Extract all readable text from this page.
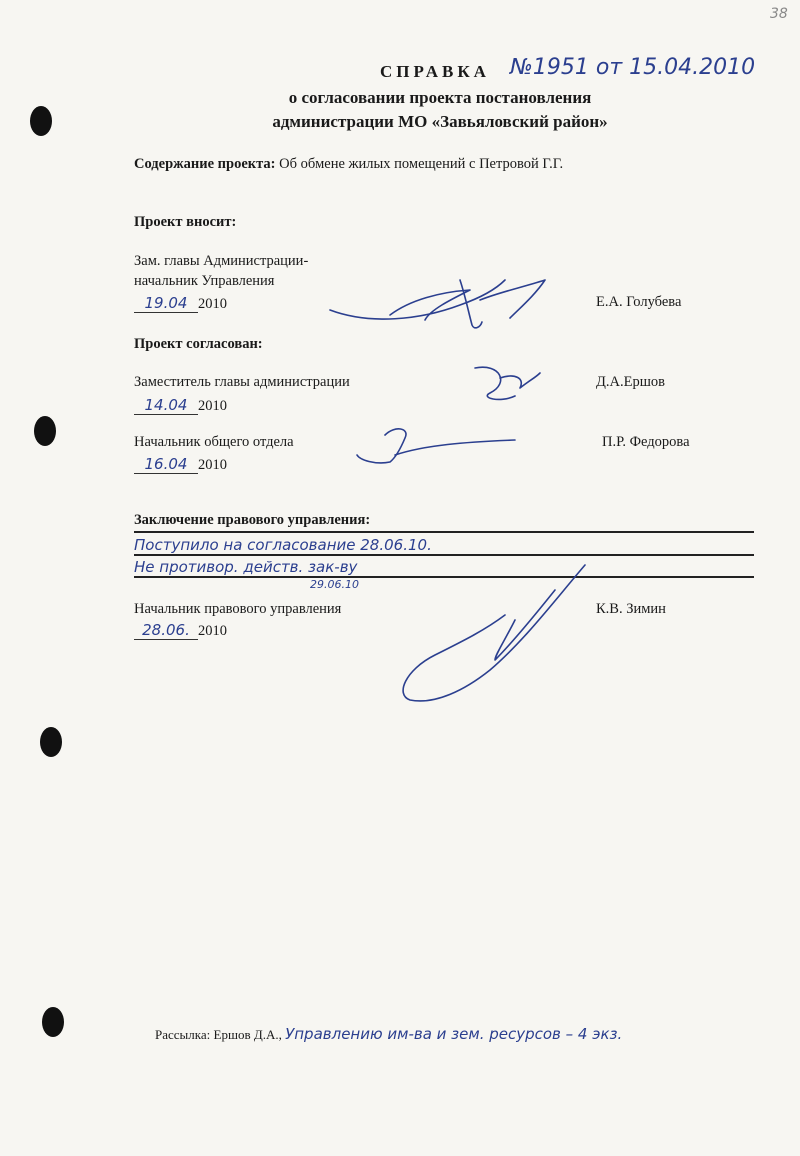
38
СПРАВКА №1951 от 15.04.2010
о согласовании проекта постановления
администрации МО «Завьяловский район»
Содержание проекта: Об обмене жилых помещений с Петровой Г.Г.
Проект вносит:
Зам. главы Администрации-
начальник Управления
19.04 2010	Е.А. Голубева
Проект согласован:
Заместитель главы администрации
14.04 2010
Д.А.Ершов
Начальник общего отдела
16.04 2010
П.Р. Федорова
Заключение правового управления:
Поступило на согласование 28.06.10.
Не противор. действ. зак-ву
29.06.10
Начальник правового управления
28.06. 2010
К.В. Зимин
Рассылка: Ершов Д.А., Управлению им-ва и зем. ресурсов – 4 экз.
